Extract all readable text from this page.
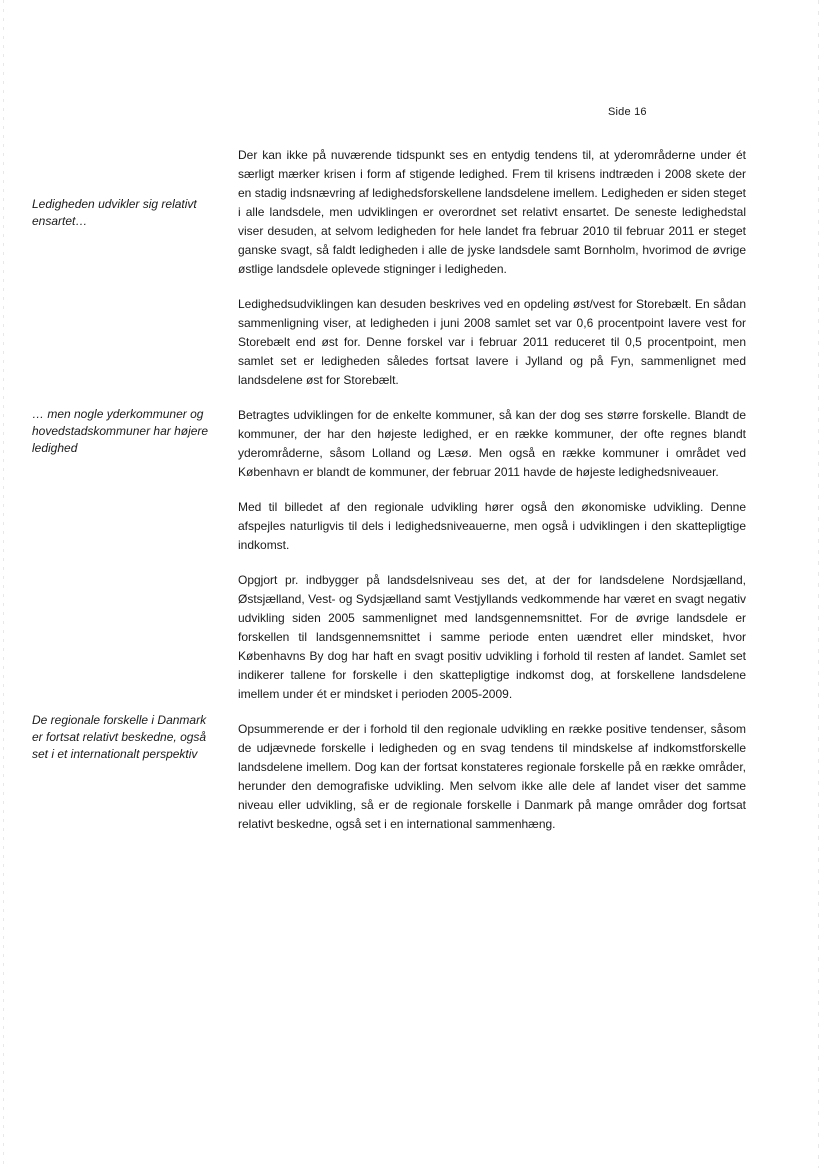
Side 16
Ledigheden udvikler sig relativt ensartet…
… men nogle yderkommuner og hovedstadskommuner har højere ledighed
De regionale forskelle i Danmark er fortsat relativt beskedne, også set i et internationalt perspektiv

Der kan ikke på nuværende tidspunkt ses en entydig tendens til, at yderområderne under ét særligt mærker krisen i form af stigende ledighed. Frem til krisens indtræden i 2008 skete der en stadig indsnævring af ledighedsforskellene landsdelene imellem. Ledigheden er siden steget i alle landsdele, men udviklingen er overordnet set relativt ensartet. De seneste ledighedstal viser desuden, at selvom ledigheden for hele landet fra februar 2010 til februar 2011 er steget ganske svagt, så faldt ledigheden i alle de jyske landsdele samt Bornholm, hvorimod de øvrige østlige landsdele oplevede stigninger i ledigheden.

Ledighedsudviklingen kan desuden beskrives ved en opdeling øst/vest for Storebælt. En sådan sammenligning viser, at ledigheden i juni 2008 samlet set var 0,6 procentpoint lavere vest for Storebælt end øst for. Denne forskel var i februar 2011 reduceret til 0,5 procentpoint, men samlet set er ledigheden således fortsat lavere i Jylland og på Fyn, sammenlignet med landsdelene øst for Storebælt.

Betragtes udviklingen for de enkelte kommuner, så kan der dog ses større forskelle. Blandt de kommuner, der har den højeste ledighed, er en række kommuner, der ofte regnes blandt yderområderne, såsom Lolland og Læsø. Men også en række kommuner i området ved København er blandt de kommuner, der februar 2011 havde de højeste ledighedsniveauer.

Med til billedet af den regionale udvikling hører også den økonomiske udvikling. Denne afspejles naturligvis til dels i ledighedsniveauerne, men også i udviklingen i den skattepligtige indkomst.

Opgjort pr. indbygger på landsdelsniveau ses det, at der for landsdelene Nordsjælland, Østsjælland, Vest- og Sydsjælland samt Vestjyllands vedkommende har været en svagt negativ udvikling siden 2005 sammenlignet med landsgennemsnittet. For de øvrige landsdele er forskellen til landsgennemsnittet i samme periode enten uændret eller mindsket, hvor Københavns By dog har haft en svagt positiv udvikling i forhold til resten af landet. Samlet set indikerer tallene for forskelle i den skattepligtige indkomst dog, at forskellene landsdelene imellem under ét er mindsket i perioden 2005-2009.

Opsummerende er der i forhold til den regionale udvikling en række positive tendenser, såsom de udjævnede forskelle i ledigheden og en svag tendens til mindskelse af indkomstforskelle landsdelene imellem. Dog kan der fortsat konstateres regionale forskelle på en række områder, herunder den demografiske udvikling. Men selvom ikke alle dele af landet viser det samme niveau eller udvikling, så er de regionale forskelle i Danmark på mange områder dog fortsat relativt beskedne, også set i en international sammenhæng.
